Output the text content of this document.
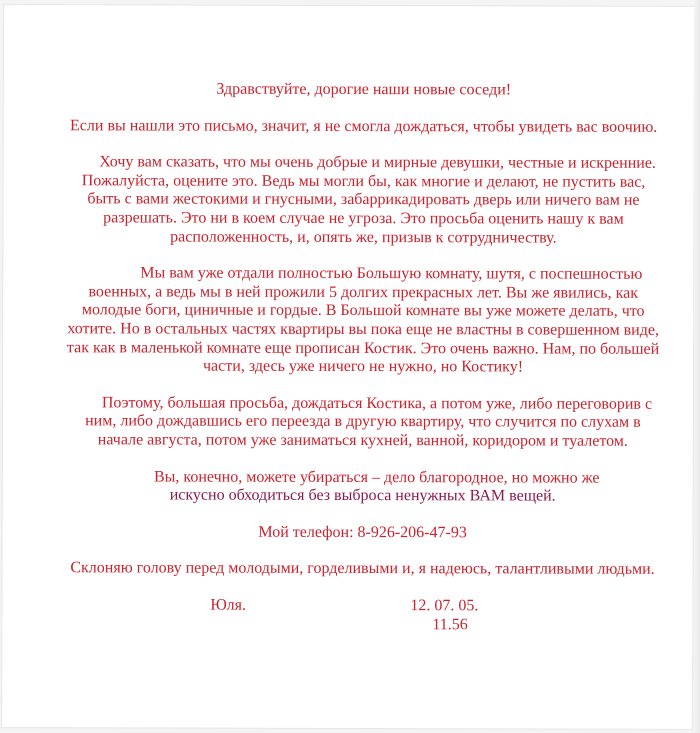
Здравствуйте, дорогие наши новые соседи!

Если вы нашли это письмо, значит, я не смогла дождаться, чтобы увидеть вас воочию.

Хочу вам сказать, что мы очень добрые и мирные девушки, честные и искренние. Пожалуйста, оцените это. Ведь мы могли бы, как многие и делают, не пустить вас, быть с вами жестокими и гнусными, забаррикадировать дверь или ничего вам не разрешать. Это ни в коем случае не угроза. Это просьба оценить нашу к вам расположенность, и, опять же, призыв к сотрудничеству.

Мы вам уже отдали полностью Большую комнату, шутя, с поспешностью военных, а ведь мы в ней прожили 5 долгих прекрасных лет. Вы же явились, как молодые боги, циничные и гордые. В Большой комнате вы уже можете делать, что хотите. Но в остальных частях квартиры вы пока еще не властны в совершенном виде, так как в маленькой комнате еще прописан Костик. Это очень важно. Нам, по большей части, здесь уже ничего не нужно, но Костику!

Поэтому, большая просьба, дождаться Костика, а потом уже, либо переговорив с ним, либо дождавшись его переезда в другую квартиру, что случится по слухам в начале августа, потом уже заниматься кухней, ванной, коридором и туалетом.

Вы, конечно, можете убираться – дело благородное, но можно же
искусно обходиться без выброса ненужных ВАМ вещей.

Мой телефон: 8-926-206-47-93

Склоняю голову перед молодыми, горделивыми и, я надеюсь, талантливыми людьми.

Юля.	12. 07. 05.
11.56
